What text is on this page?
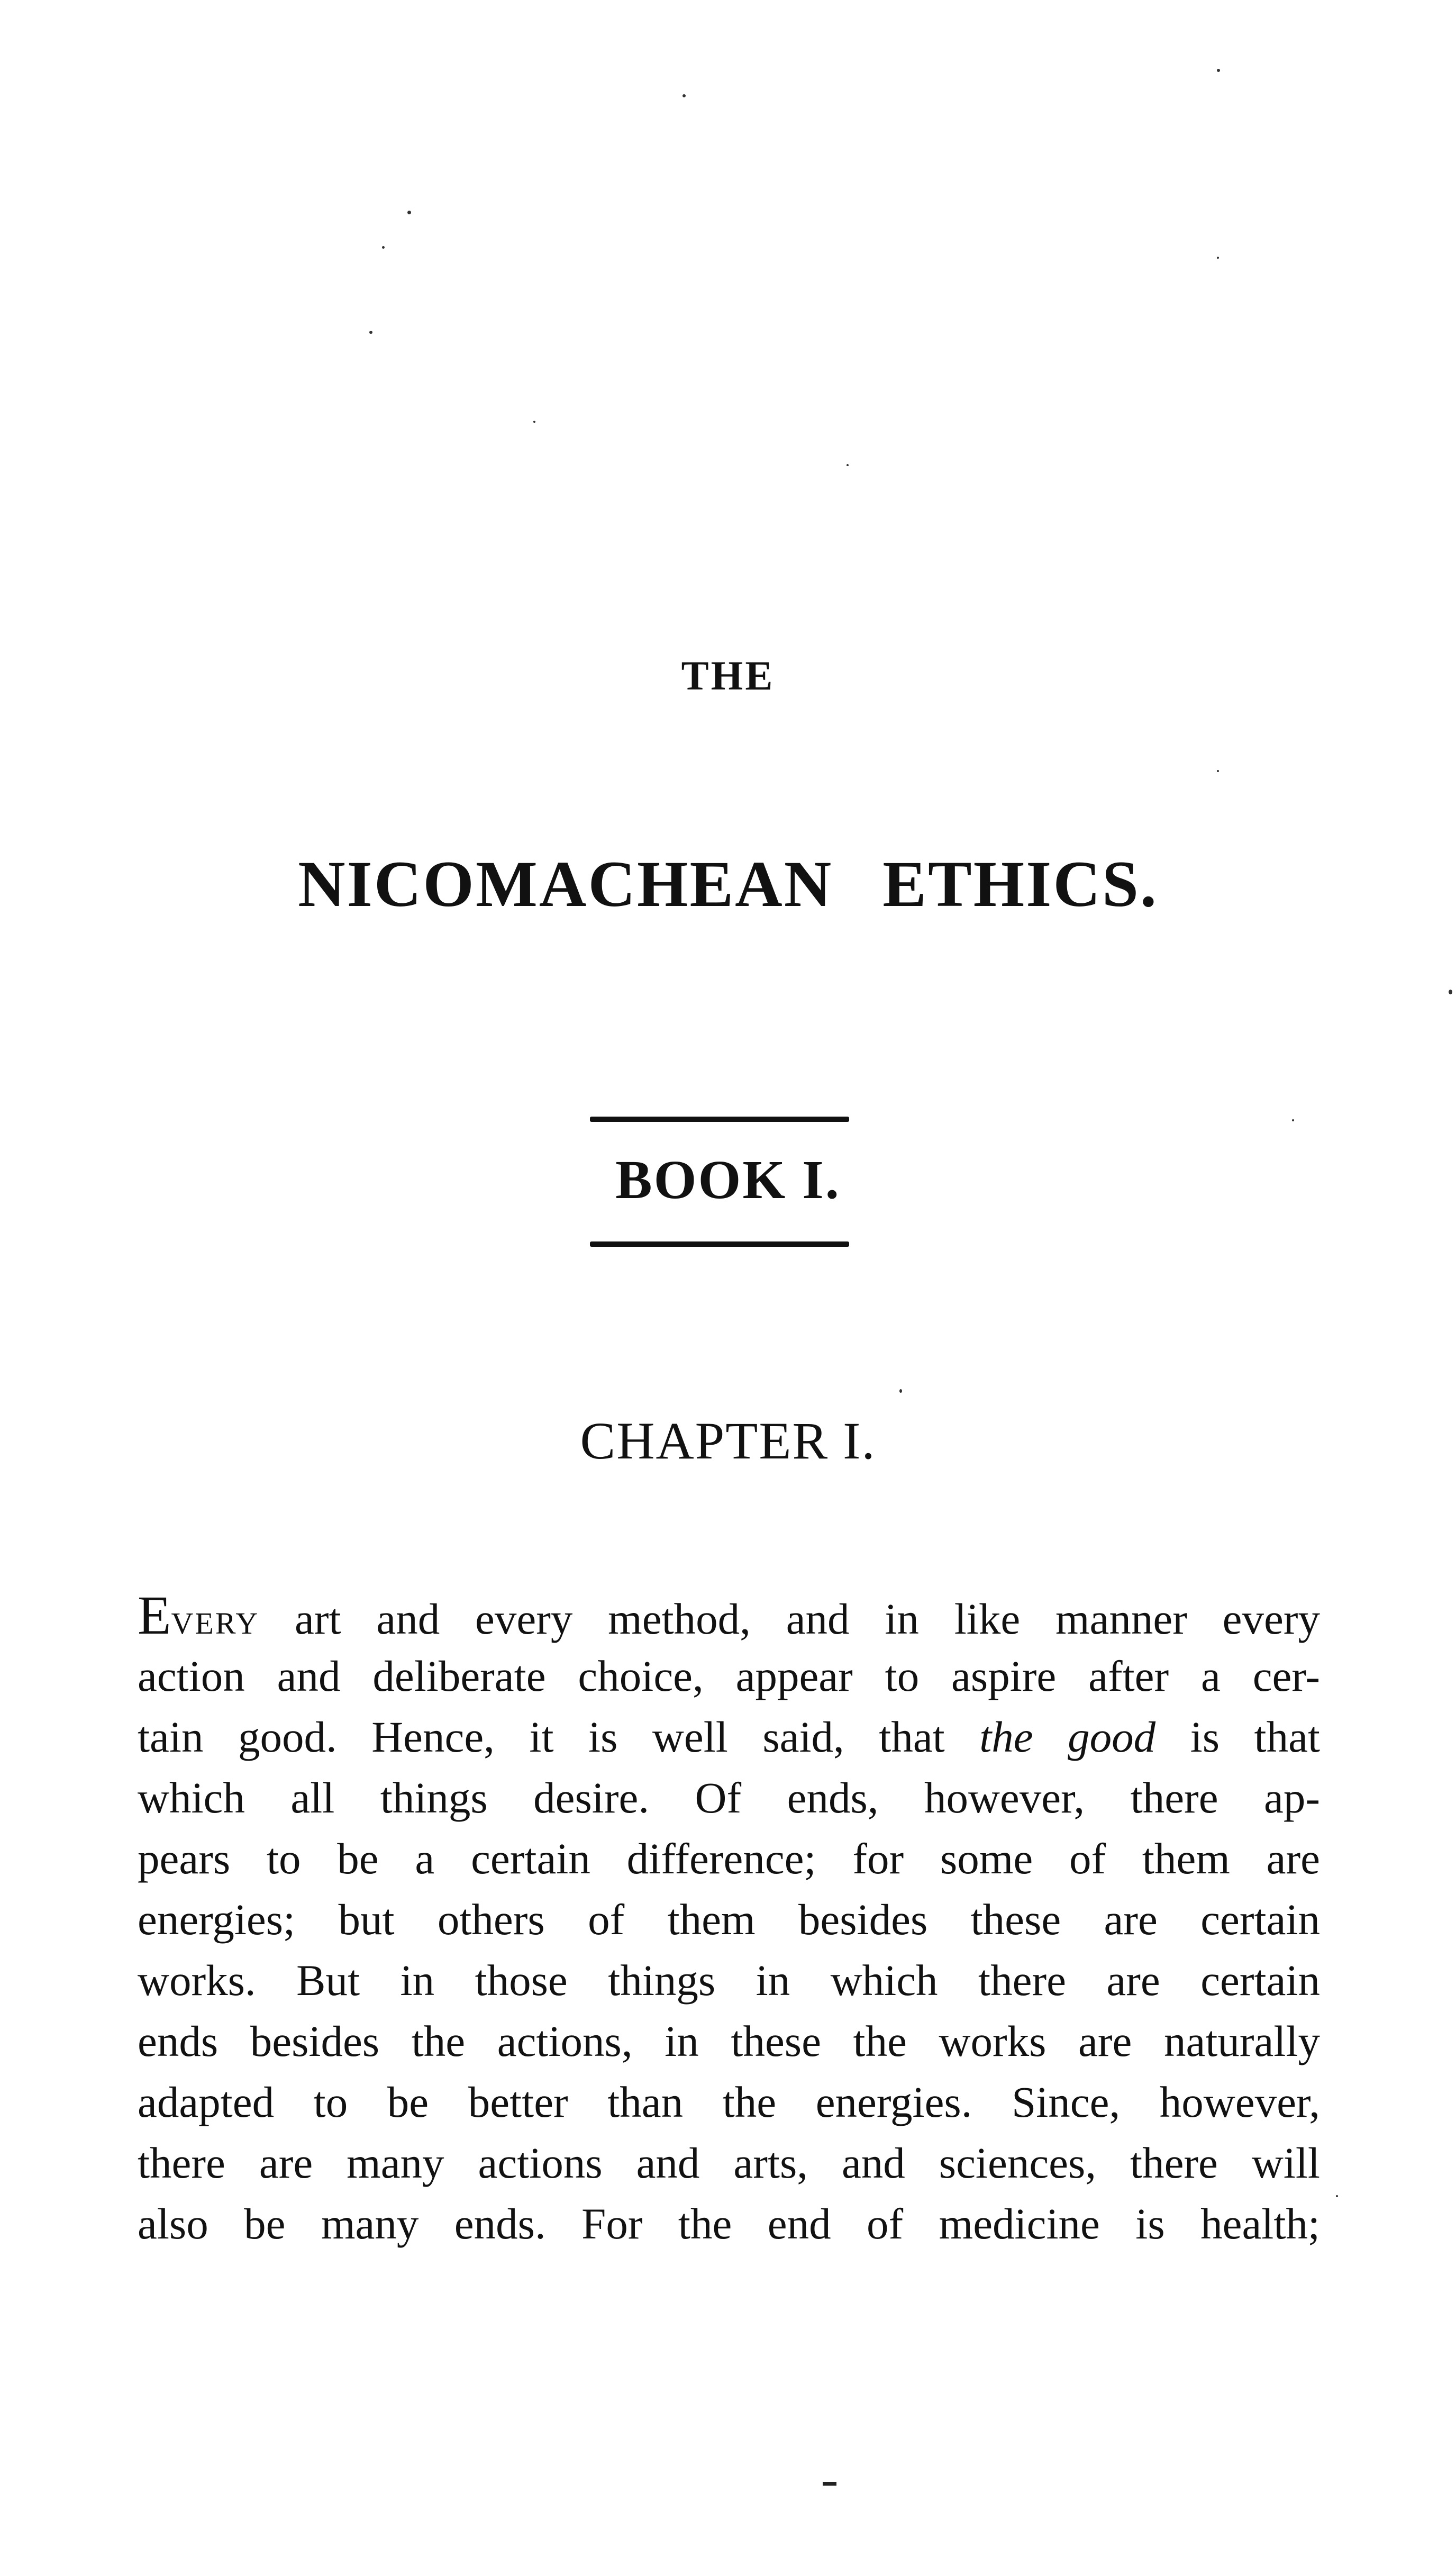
THE
NICOMACHEAN ETHICS.
BOOK I.
CHAPTER I.
Every art and every method, and in like manner every
action and deliberate choice, appear to aspire after a cer-
tain good. Hence, it is well said, that the good is that
which all things desire. Of ends, however, there ap-
pears to be a certain difference; for some of them are
energies; but others of them besides these are certain
works. But in those things in which there are certain
ends besides the actions, in these the works are naturally
adapted to be better than the energies. Since, however,
there are many actions and arts, and sciences, there will
also be many ends. For the end of medicine is health;
